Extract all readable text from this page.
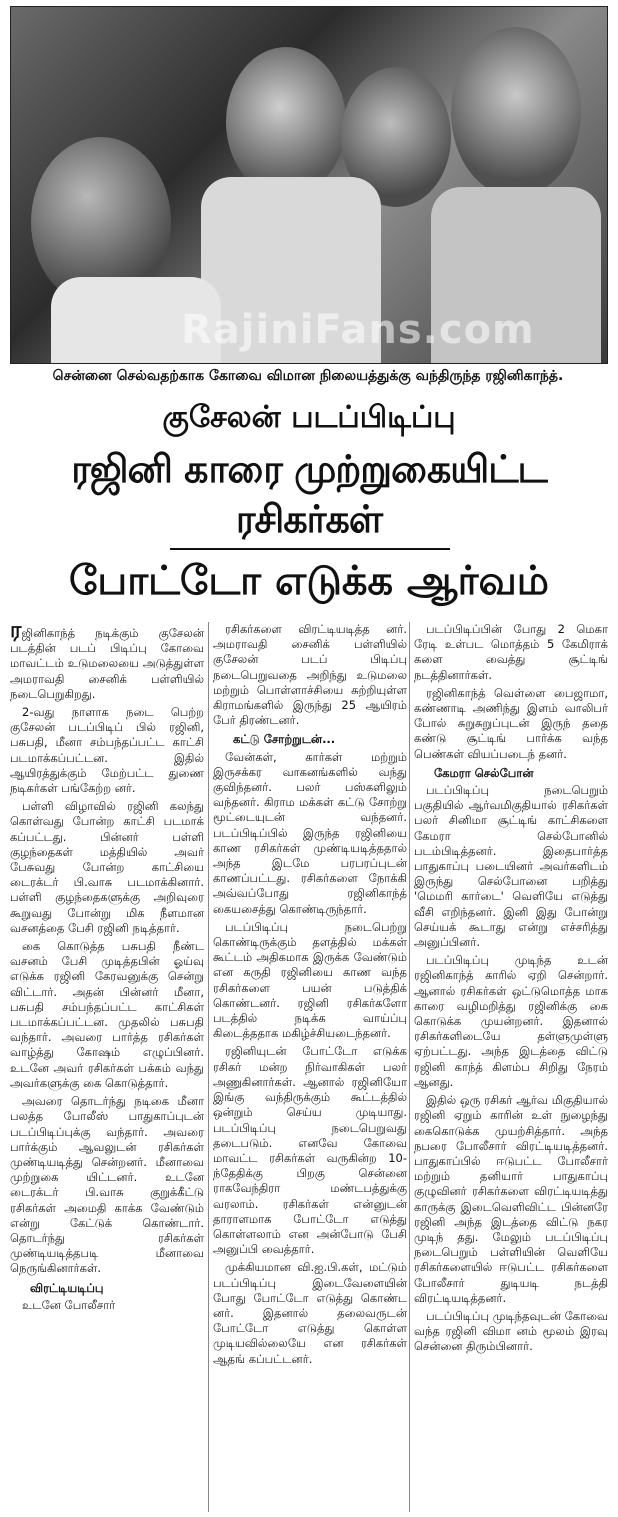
RajiniFans.com
சென்னை செல்வதற்காக கோவை விமான நிலையத்துக்கு வந்திருந்த ரஜினிகாந்த்.
குசேலன் படப்பிடிப்பு
ரஜினி காரை முற்றுகையிட்ட ரசிகர்கள்
போட்டோ எடுக்க ஆர்வம்

ரஜினிகாந்த் நடிக்கும் குசேலன் படத்தின் படப் பிடிப்பு கோவை மாவட்டம் உடுமலையை அடுத்துள்ள அமராவதி சைனிக் பள்ளியில் நடைபெறுகிறது.

2-வது நாளாக நடை பெற்ற குசேலன் படப்பிடிப் பில் ரஜினி, பசுபதி, மீனா சம்பந்தப்பட்ட காட்சி படமாக்கப்பட்டன. இதில் ஆயிரத்துக்கும் மேற்பட்ட துணை நடிகர்கள் பங்கேற்ற னர்.

பள்ளி விழாவில் ரஜினி கலந்து கொள்வது போன்ற காட்சி படமாக் கப்பட்டது. பின்னர் பள்ளி குழந்தைகள் மத்தியில் அவர் பேசுவது போன்ற காட்சியை டைரக்டர் பி.வாசு படமாக்கினார். பள்ளி குழந்தைகளுக்கு அறிவுரை கூறுவது போன்று மிக நீளமான வசனத்தை பேசி ரஜினி நடித்தார்.

கை கொடுத்த பசுபதி நீண்ட வசனம் பேசி முடித்தபின் ஓய்வு எடுக்க ரஜினி கேரவனுக்கு சென்று விட்டார். அதன் பின்னர் மீனா, பசுபதி சம்பந்தப்பட்ட காட்சிகள் படமாக்கப்பட்டன. முதலில் பசுபதி வந்தார். அவரை பார்த்த ரசிகர்கள் வாழ்த்து கோஷம் எழுப்பினர். உடனே அவர் ரசிகர்கள் பக்கம் வந்து அவர்களுக்கு கை கொடுத்தார்.

அவரை தொடர்ந்து நடிகை மீனா பலத்த போலீஸ் பாதுகாப்புடன் படப்பிடிப்புக்கு வந்தார். அவரை பார்க்கும் ஆவலுடன் ரசிகர்கள் முண்டியடித்து சென்றனர். மீனாவை முற்றுகை யிட்டனர். உடனே டைரக்டர் பி.வாசு குறுக்கீட்டு ரசிகர்கள் அமைதி காக்க வேண்டும் என்று கேட்டுக் கொண்டார். தொடர்ந்து ரசிகர்கள் முண்டியடித்தபடி மீனாவை நெருங்கினார்கள்.

விரட்டியடிப்பு

உடனே போலீசார்

ரசிகர்களை விரட்டியடித்த னர். அமராவதி சைனிக் பள்ளியில் குசேலன் படப் பிடிப்பு நடைபெறுவதை அறிந்து உடுமலை மற்றும் பொள்ளாச்சியை சுற்றியுள்ள கிராமங்களில் இருந்து 25 ஆயிரம் பேர் திரண்டனர்.

கட்டு சோற்றுடன்...

வேன்கள், கார்கள் மற்றும் இருசக்கர வாகனங்களில் வந்து குவிந்தனர். பலர் பஸ்களிலும் வந்தனர். கிராம மக்கள் கட்டு சோற்று மூட்டையுடன் வந்தனர். படப்பிடிப்பில் இருந்த ரஜினியை காண ரசிகர்கள் முண்டியடித்ததால் அந்த இடமே பரபரப்புடன் காணப்பட்டது. ரசிகர்களை நோக்கி அவ்வப்போது ரஜினிகாந்த் கையசைத்து கொண்டிருந்தார்.

படப்பிடிப்பு நடைபெற்று கொண்டிருக்கும் தளத்தில் மக்கள் கூட்டம் அதிகமாக இருக்க வேண்டும் என கருதி ரஜினியை காண வந்த ரசிகர்களை பயன் படுத்திக் கொண்டனர். ரஜினி ரசிகர்களோ படத்தில் நடிக்க வாய்ப்பு கிடைத்ததாக மகிழ்ச்சியடைந்தனர்.

ரஜினியுடன் போட்டோ எடுக்க ரசிகர் மன்ற நிர்வாகிகள் பலர் அணுகினார்கள். ஆனால் ரஜினியோ இங்கு வந்திருக்கும் கூட்டத்தில் ஒன்றும் செய்ய முடியாது. படப்பிடிப்பு நடைபெறுவது தடைபடும். எனவே கோவை மாவட்ட ரசிகர்கள் வருகின்ற 10-ந்தேதிக்கு பிறகு சென்னை ராகவேந்திரா மண்டபத்துக்கு வரலாம். ரசிகர்கள் என்னுடன் தாராளமாக போட்டோ எடுத்து கொள்ளலாம் என அன்போடு பேசி அனுப்பி வைத்தார்.

முக்கியமான வி.ஐ.பி.கள், மட்டும் படப்பிடிப்பு இடைவேளையின் போது போட்டோ எடுத்து கொண்ட னர். இதனால் தலைவருடன் போட்டோ எடுத்து கொள்ள முடியவில்லையே என ரசிகர்கள் ஆதங் கப்பட்டனர்.

படப்பிடிப்பின் போது 2 மெகா ரேடி உள்பட மொத்தம் 5 கேமிராக் களை வைத்து சூட்டிங் நடத்தினார்கள்.

ரஜினிகாந்த் வெள்ளை பைஜாமா, கண்ணாடி அணிந்து இளம் வாலிபர் போல் சுறுசுறுப்புடன் இருந் ததை கண்டு சூட்டிங் பார்க்க வந்த பெண்கள் வியப்படைந் தனர்.

கேமரா செல்போன்

படப்பிடிப்பு நடைபெறும் பகுதியில் ஆர்வமிகுதியால் ரசிகர்கள் பலர் சினிமா சூட்டிங் காட்சிகளை கேமரா செல்போனில் படம்பிடித்தனர். இதைபார்த்த பாதுகாப்பு படையினர் அவர்களிடம் இருந்து செல்போனை பறித்து 'மெமரி கார்டை' வெளியே எடுத்து வீசி எறிந்தனர். இனி இது போன்று செய்யக் கூடாது என்று எச்சரித்து அனுப்பினர்.

படப்பிடிப்பு முடிந்த உடன் ரஜினிகாந்த் காரில் ஏறி சென்றார். ஆனால் ரசிகர்கள் ஒட்டுமொத்த மாக காரை வழிமறித்து ரஜினிக்கு கை கொடுக்க முயன்றனர். இதனால் ரசிகர்களிடையே தள்ளுமுள்ளு ஏற்பட்டது. அந்த இடத்தை விட்டு ரஜினி காந்த் கிளம்ப சிறிது நேரம் ஆனது.

இதில் ஒரு ரசிகர் ஆர்வ மிகுதியால் ரஜினி ஏறும் காரின் உள் நுழைந்து கைகொடுக்க முயற்சித்தார். அந்த நபரை போலீசார் விரட்டியடித்தனர். பாதுகாப்பில் ஈடுபட்ட போலீசார் மற்றும் தனியார் பாதுகாப்பு குழுவினர் ரசிகர்களை விரட்டியடித்து காருக்கு இடைவெளிவிட்ட பின்னரே ரஜினி அந்த இடத்தை விட்டு நகர முடிந் தது. மேலும் படப்பிடிப்பு நடைபெறும் பள்ளியின் வெளியே ரசிகர்களையில் ஈடுபட்ட ரசிகர்களை போலீசார் துடியடி நடத்தி விரட்டியடித்தனர்.

படப்பிடிப்பு முடிந்தவுடன் கோவை வந்த ரஜினி விமா னம் மூலம் இரவு சென்னை திரும்பினார்.
